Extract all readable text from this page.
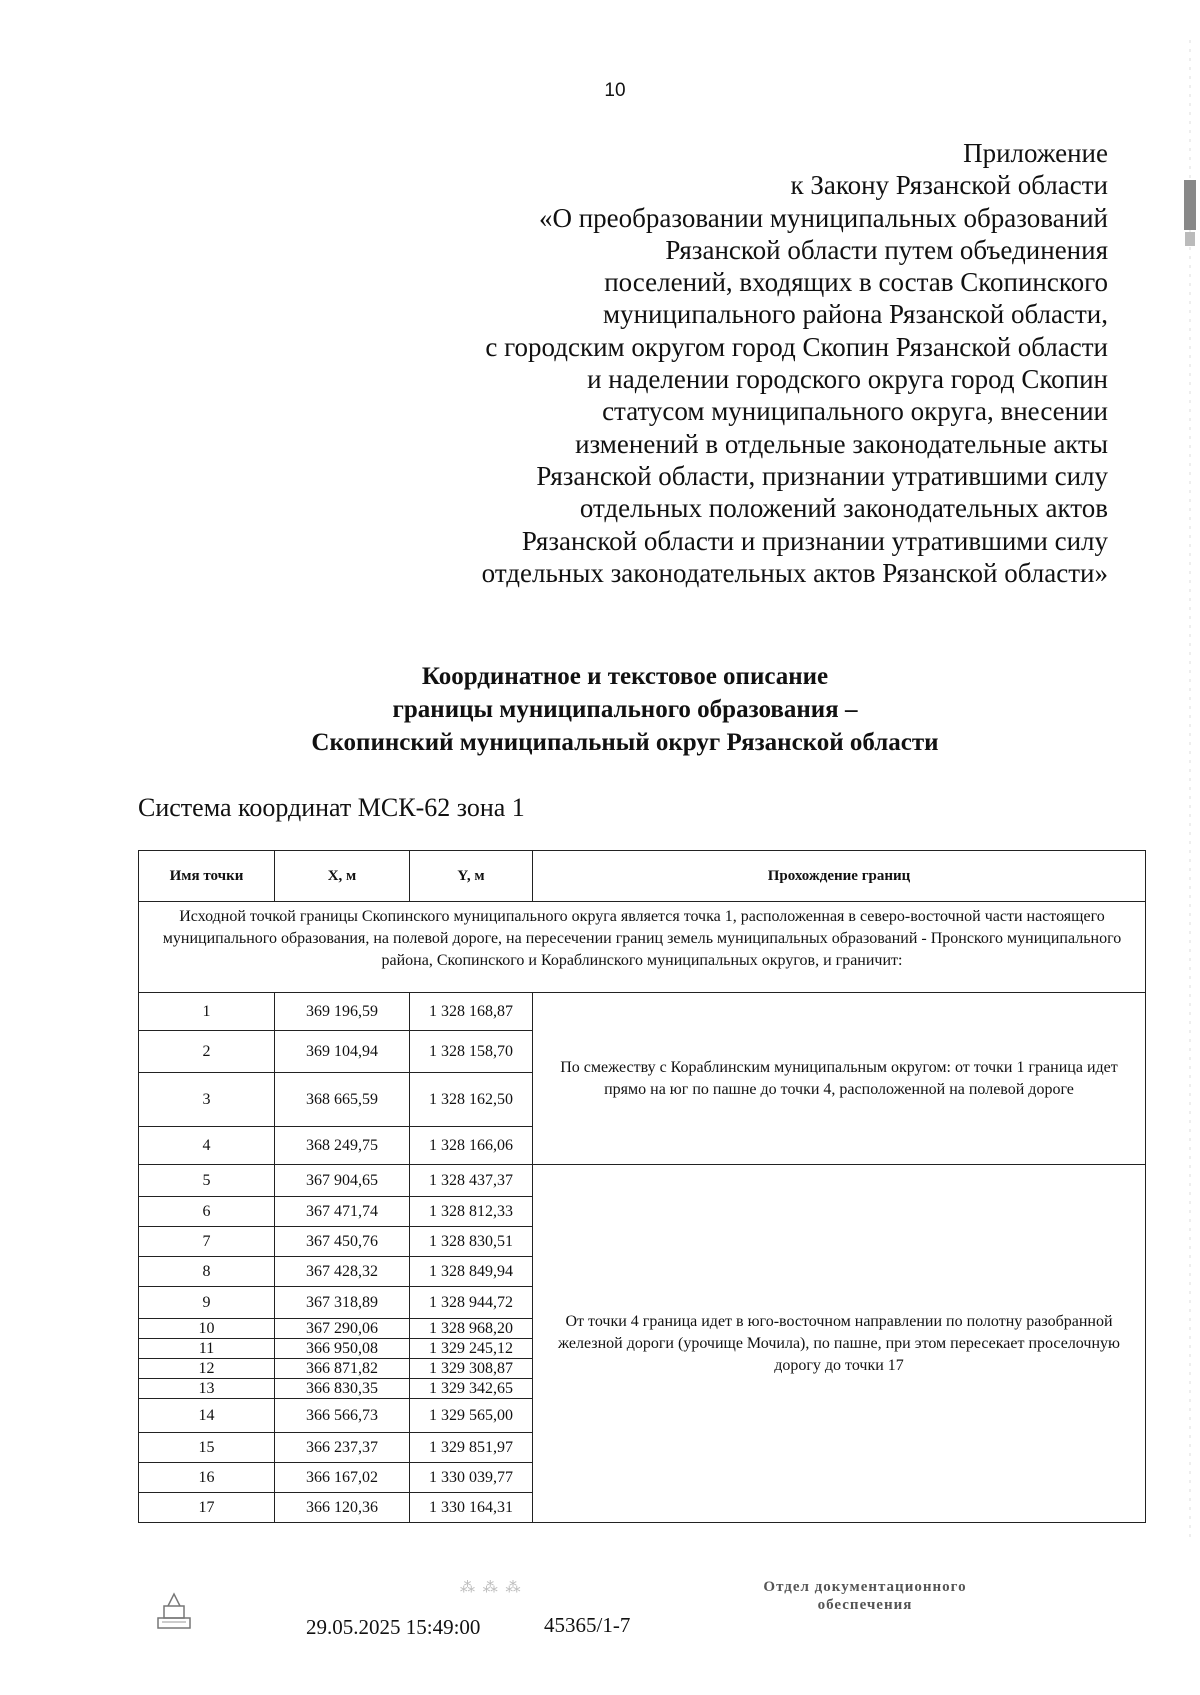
10
Приложение
к Закону Рязанской области
«О преобразовании муниципальных образований
Рязанской области путем объединения
поселений, входящих в состав Скопинского
муниципального района Рязанской области,
с городским округом город Скопин Рязанской области
и наделении городского округа город Скопин
статусом муниципального округа, внесении
изменений в отдельные законодательные акты
Рязанской области, признании утратившими силу
отдельных положений законодательных актов
Рязанской области и признании утратившими силу
отдельных законодательных актов Рязанской области»
Координатное и текстовое описание
границы муниципального образования –
Скопинский муниципальный округ Рязанской области
Система координат МСК-62 зона 1
Имя точки	X, м	Y, м	Прохождение границ
Исходной точкой границы Скопинского муниципального округа является точка 1, расположенная в северо-восточной части настоящего муниципального образования, на полевой дороге, на пересечении границ земель муниципальных образований - Пронского муниципального района, Скопинского и Кораблинского муниципальных округов, и граничит:			
1	369 196,59	1 328 168,87	По смежеству с Кораблинским муниципальным округом: от точки 1 граница идет прямо на юг по пашне до точки 4, расположенной на полевой дороге
2	369 104,94	1 328 158,70	
3	368 665,59	1 328 162,50	
4	368 249,75	1 328 166,06	
5	367 904,65	1 328 437,37	От точки 4 граница идет в юго-восточном направлении по полотну разобранной железной дороги (урочище Мочила), по пашне, при этом пересекает проселочную дорогу до точки 17
6	367 471,74	1 328 812,33	
7	367 450,76	1 328 830,51	
8	367 428,32	1 328 849,94	
9	367 318,89	1 328 944,72	
10	367 290,06	1 328 968,20	
11	366 950,08	1 329 245,12	
12	366 871,82	1 329 308,87	
13	366 830,35	1 329 342,65	
14	366 566,73	1 329 565,00	
15	366 237,37	1 329 851,97	
16	366 167,02	1 330 039,77	
17	366 120,36	1 330 164,31	
⁂ ⁂ ⁂
29.05.2025 15:49:00	45365/1-7
Отдел документационного
обеспечения
